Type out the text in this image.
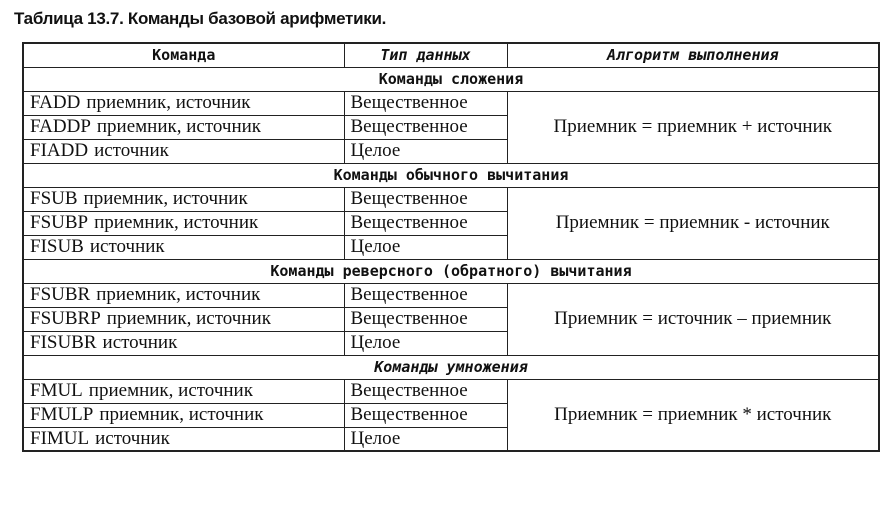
Таблица 13.7. Команды базовой арифметики.
Команда	Тип данных	Алгоритм выполнения
Команды сложения		
FADD приемник, источник	Вещественное	Приемник = приемник + источник
FADDP приемник, источник	Вещественное	
FIADD источник	Целое	
Команды обычного вычитания		
FSUB приемник, источник	Вещественное	Приемник = приемник - источник
FSUBP приемник, источник	Вещественное	
FISUB источник	Целое	
Команды реверсного (обратного) вычитания		
FSUBR приемник, источник	Вещественное	Приемник = источник – приемник
FSUBRP приемник, источник	Вещественное	
FISUBR источник	Целое	
Команды умножения		
FMUL приемник, источник	Вещественное	Приемник = приемник * источник
FMULP приемник, источник	Вещественное	
FIMUL источник	Целое	
